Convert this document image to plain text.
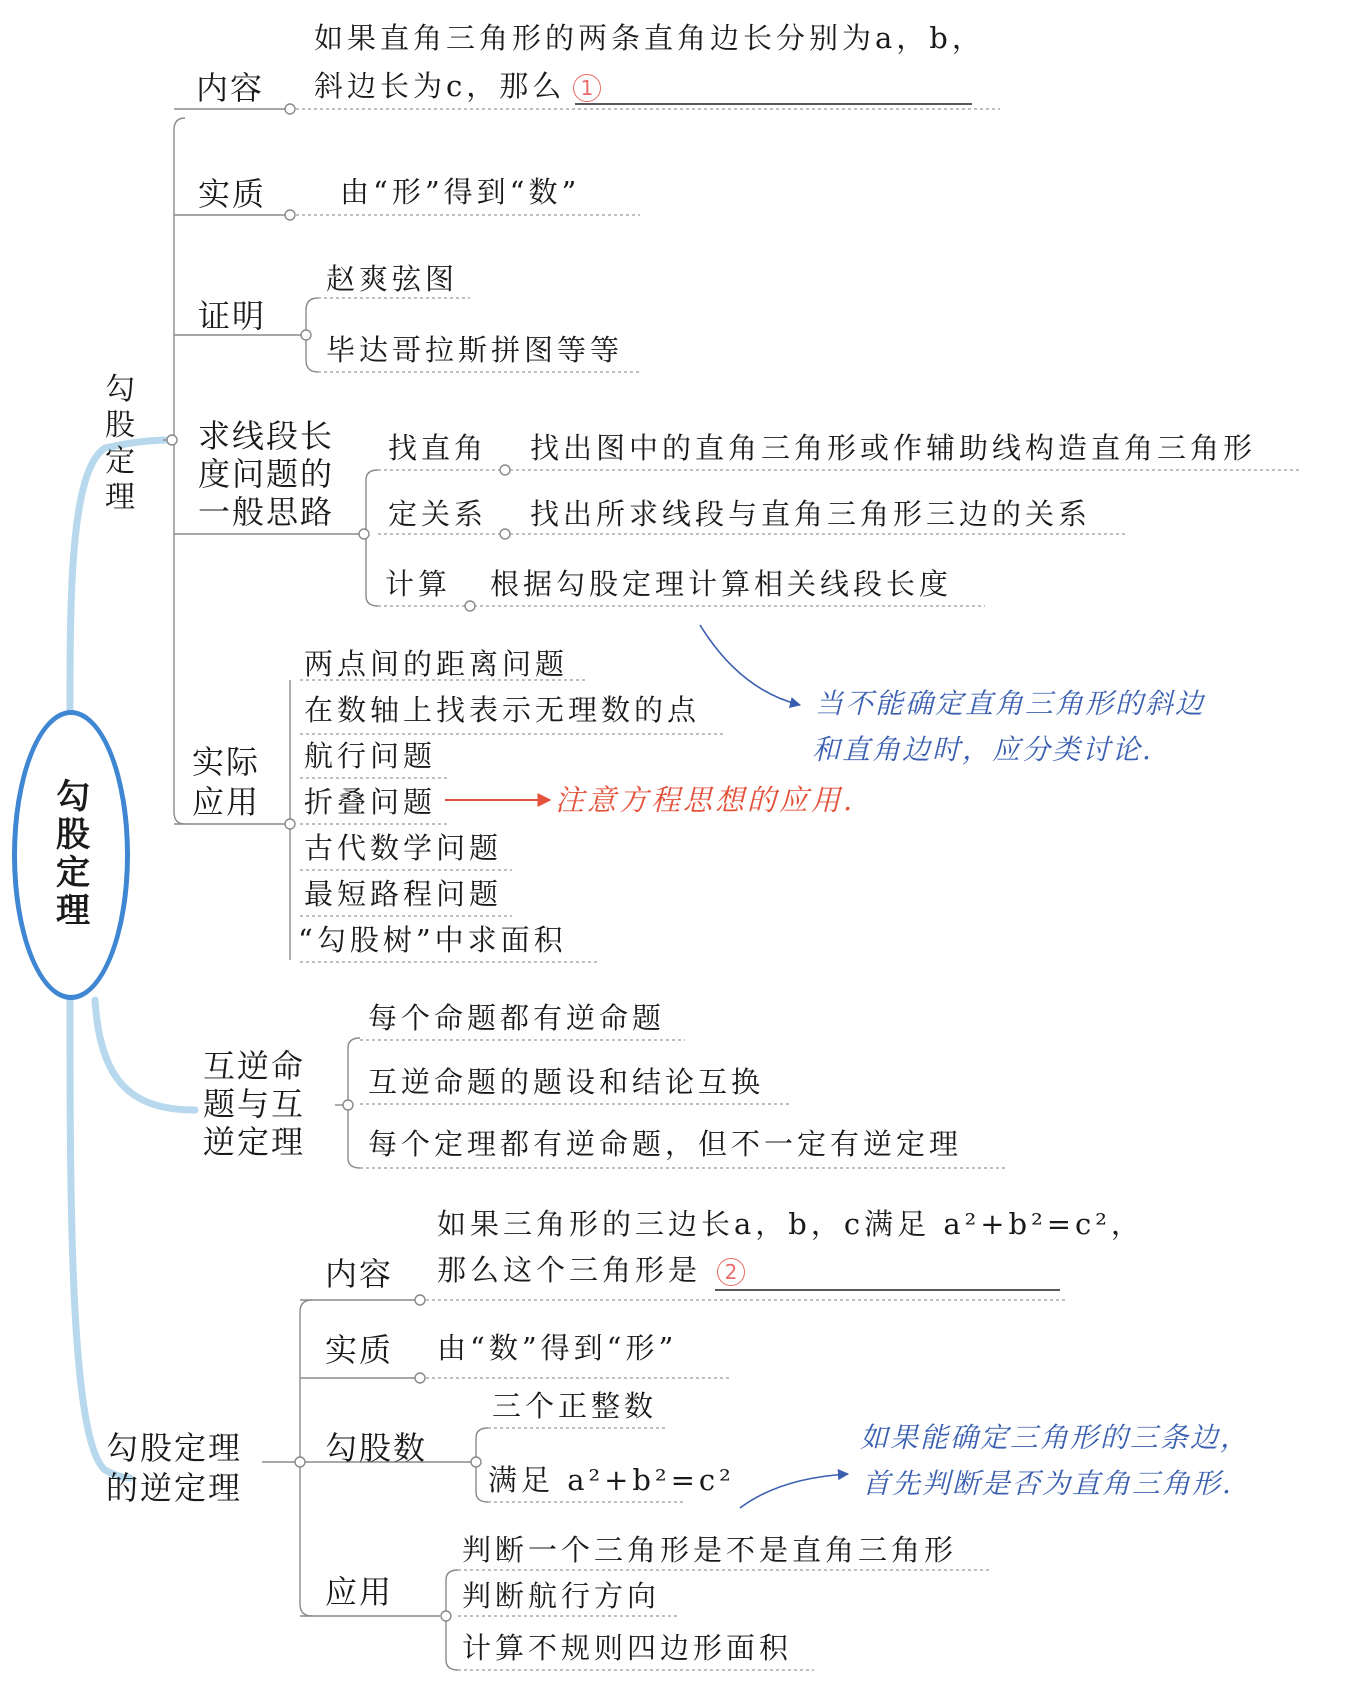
勾股定理
勾股定理
内容
如果直角三角形的两条直角边长分别为a，b，
斜边长为c，那么 1
实质	由“形”得到“数”
证明
赵爽弦图
毕达哥拉斯拼图等等
求线段长
度问题的
一般思路
找直角 找出图中的直角三角形或作辅助线构造直角三角形
定关系 找出所求线段与直角三角形三边的关系
计算 根据勾股定理计算相关线段长度
实际
应用
两点间的距离问题
在数轴上找表示无理数的点
航行问题
折叠问题
古代数学问题
最短路程问题
“勾股树”中求面积
当不能确定直角三角形的斜边
和直角边时，应分类讨论.
注意方程思想的应用.
互逆命
题与互
逆定理
每个命题都有逆命题
互逆命题的题设和结论互换
每个定理都有逆命题，但不一定有逆定理
勾股定理
的逆定理
内容
如果三角形的三边长a，b，c满足 a²+b²=c²，
那么这个三角形是	2
实质 由“数”得到“形”
勾股数
三个正整数
满足 a²+b²=c²
应用
判断一个三角形是不是直角三角形
判断航行方向
计算不规则四边形面积
如果能确定三角形的三条边，
首先判断是否为直角三角形.
